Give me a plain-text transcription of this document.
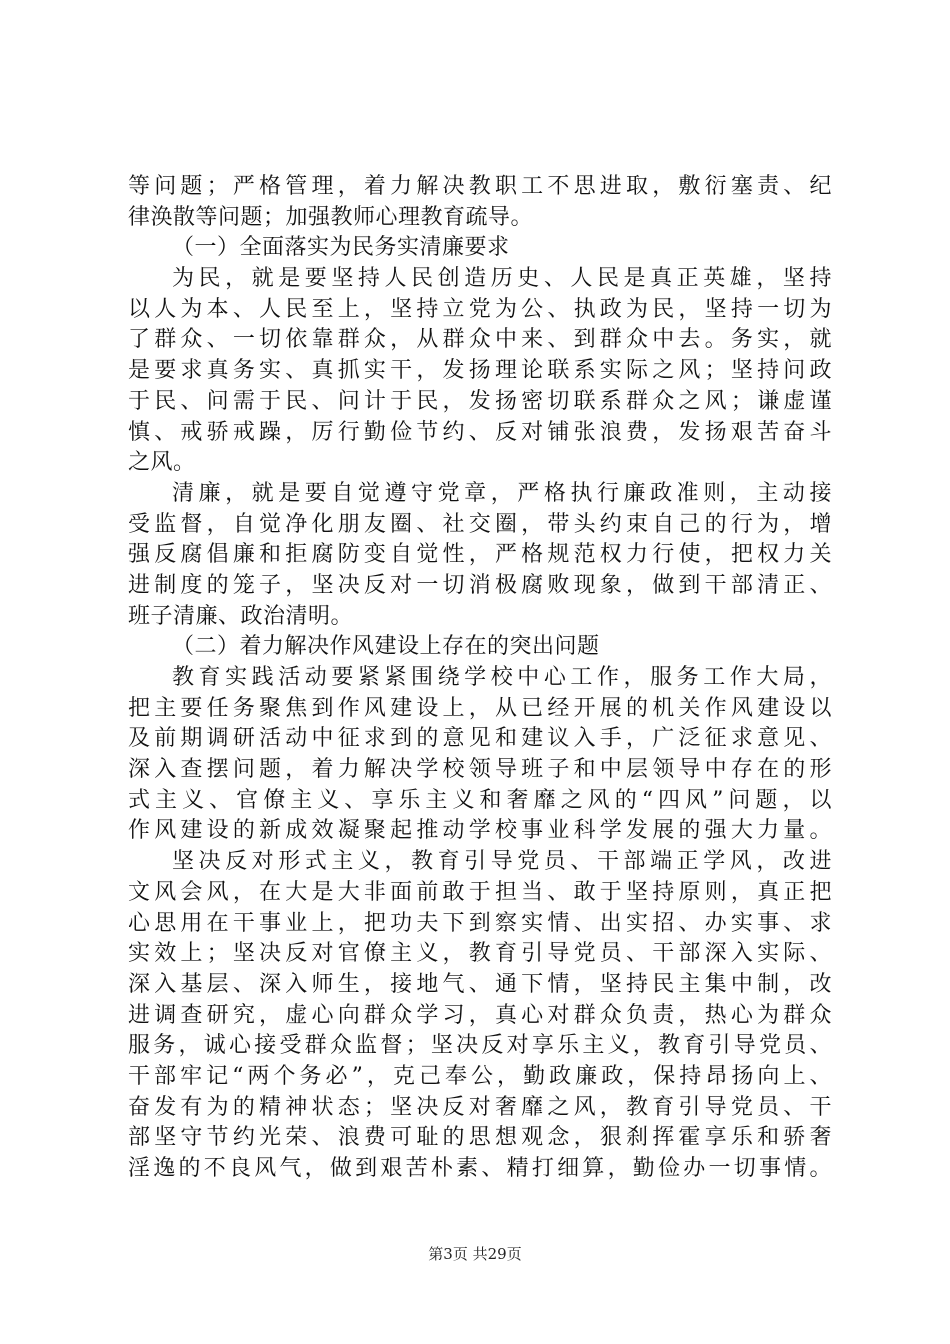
等问题；严格管理，着力解决教职工不思进取，敷衍塞责、纪
律涣散等问题；加强教师心理教育疏导。
（一）全面落实为民务实清廉要求
为民，就是要坚持人民创造历史、人民是真正英雄，坚持
以人为本、人民至上，坚持立党为公、执政为民，坚持一切为
了群众、一切依靠群众，从群众中来、到群众中去。务实，就
是要求真务实、真抓实干，发扬理论联系实际之风；坚持问政
于民、问需于民、问计于民，发扬密切联系群众之风；谦虚谨
慎、戒骄戒躁，厉行勤俭节约、反对铺张浪费，发扬艰苦奋斗
之风。
清廉，就是要自觉遵守党章，严格执行廉政准则，主动接
受监督，自觉净化朋友圈、社交圈，带头约束自己的行为，增
强反腐倡廉和拒腐防变自觉性，严格规范权力行使，把权力关
进制度的笼子，坚决反对一切消极腐败现象，做到干部清正、
班子清廉、政治清明。
（二）着力解决作风建设上存在的突出问题
教育实践活动要紧紧围绕学校中心工作，服务工作大局，
把主要任务聚焦到作风建设上，从已经开展的机关作风建设以
及前期调研活动中征求到的意见和建议入手，广泛征求意见、
深入查摆问题，着力解决学校领导班子和中层领导中存在的形
式主义、官僚主义、享乐主义和奢靡之风的“四风”问题，以
作风建设的新成效凝聚起推动学校事业科学发展的强大力量。
坚决反对形式主义，教育引导党员、干部端正学风，改进
文风会风，在大是大非面前敢于担当、敢于坚持原则，真正把
心思用在干事业上，把功夫下到察实情、出实招、办实事、求
实效上；坚决反对官僚主义，教育引导党员、干部深入实际、
深入基层、深入师生，接地气、通下情，坚持民主集中制，改
进调查研究，虚心向群众学习，真心对群众负责，热心为群众
服务，诚心接受群众监督；坚决反对享乐主义，教育引导党员、
干部牢记“两个务必”，克己奉公，勤政廉政，保持昂扬向上、
奋发有为的精神状态；坚决反对奢靡之风，教育引导党员、干
部坚守节约光荣、浪费可耻的思想观念，狠刹挥霍享乐和骄奢
淫逸的不良风气，做到艰苦朴素、精打细算，勤俭办一切事情。
第3页 共29页
